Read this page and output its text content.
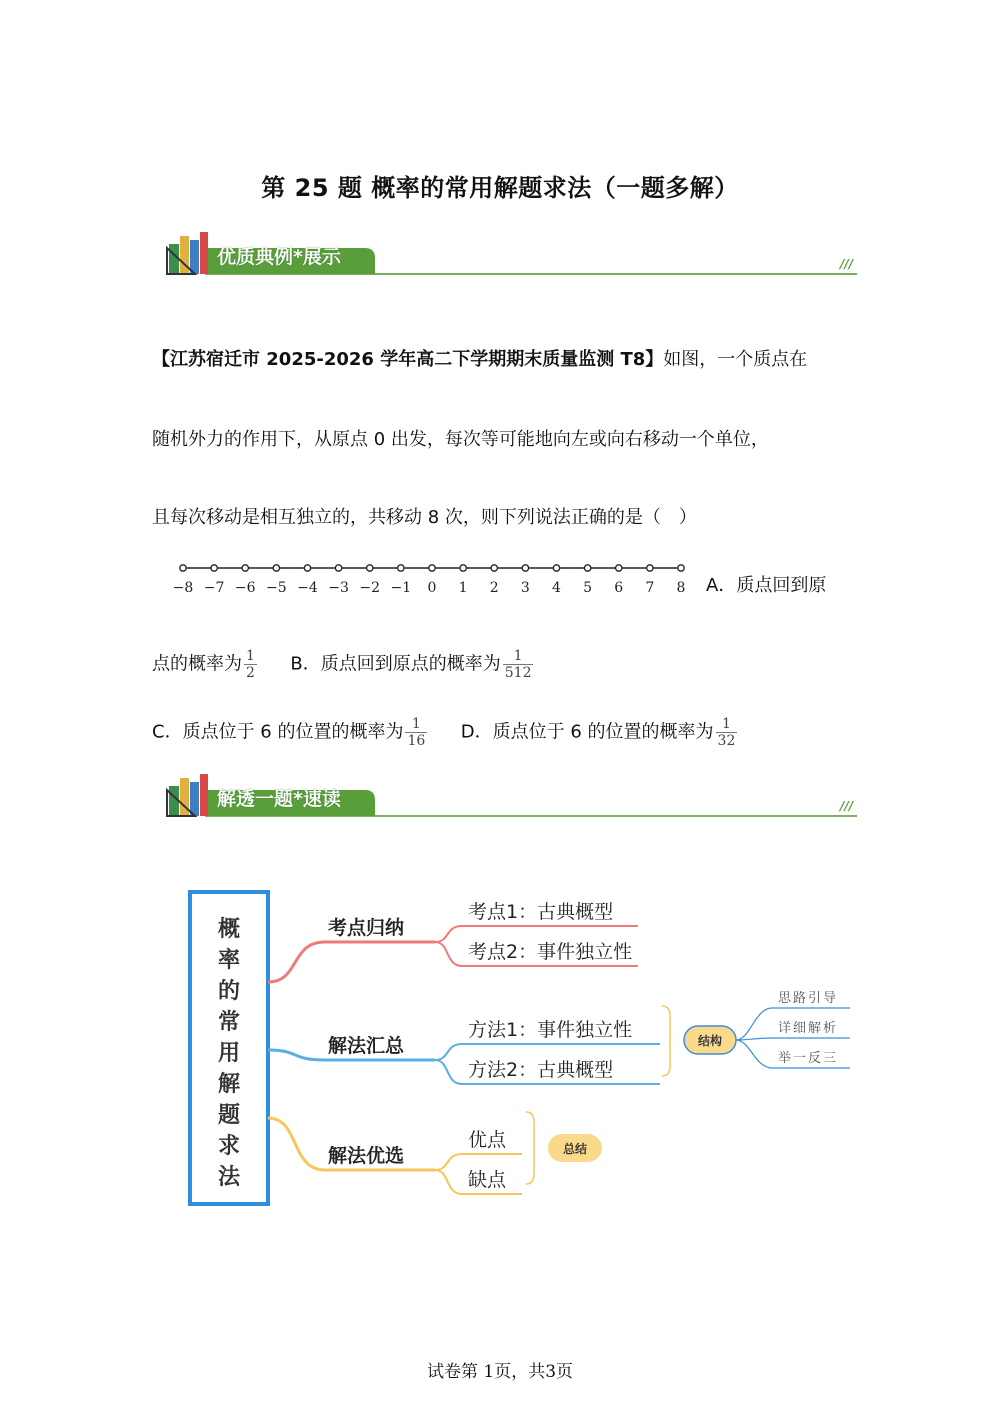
第 25 题 概率的常用解题求法（一题多解）
///
优质典例*展示
【江苏宿迁市 2025-2026 学年高二下学期期末质量监测 T8】如图，一个质点在
随机外力的作用下，从原点 0 出发，每次等可能地向左或向右移动一个单位，
且每次移动是相互独立的，共移动 8 次，则下列说法正确的是（　）
−8 −7 −6 −5 −4 −3 −2 −1 0 1 2 3 4 5 6 7 8 A．质点回到原
点的概率为 $\frac{1}{2}$ B．质点回到原点的概率为 $\frac{1}{512}$
C．质点位于 6 的位置的概率为 $\frac{1}{16}$ D．质点位于 6 的位置的概率为 $\frac{1}{32}$
///
解透一题*速读
概
率
的
常
用
解
题
求
法
考点归纳
考点1：古典概型
考点2：事件独立性
解法汇总
方法1：事件独立性
方法2：古典概型
解法优选
优点
缺点
结构
思路引导
详细解析
举一反三
总结
试卷第 1页，共3页
